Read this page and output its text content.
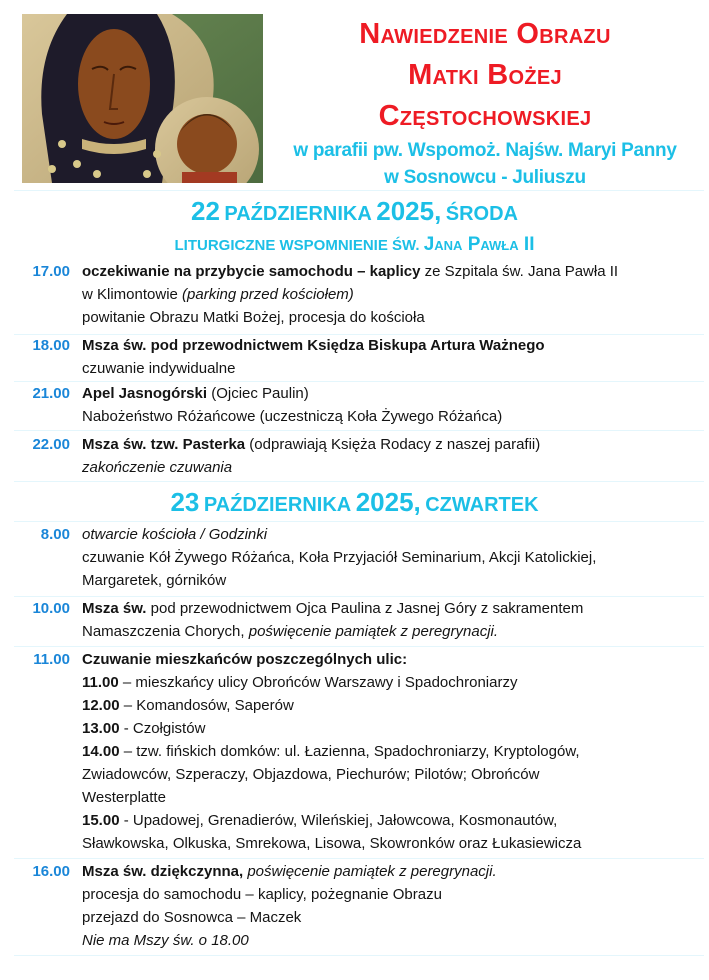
Nawiedzenie Obrazu
Matki Bożej
Częstochowskiej
w parafii pw. Wspomoż. Najśw. Maryi Panny
w Sosnowcu - Juliuszu
22 PAŹDZIERNIKA 2025, ŚRODA
LITURGICZNE WSPOMNIENIE ŚW. Jana Pawła II
17.00 oczekiwanie na przybycie samochodu – kaplicy ze Szpitala św. Jana Pawła II
w Klimontowie (parking przed kościołem)
powitanie Obrazu Matki Bożej, procesja do kościoła
18.00 Msza św. pod przewodnictwem Księdza Biskupa Artura Ważnego
czuwanie indywidualne
21.00 Apel Jasnogórski (Ojciec Paulin)
Nabożeństwo Różańcowe (uczestniczą Koła Żywego Różańca)
22.00 Msza św. tzw. Pasterka (odprawiają Księża Rodacy z naszej parafii)
zakończenie czuwania
23 PAŹDZIERNIKA 2025, CZWARTEK
8.00 otwarcie kościoła / Godzinki
czuwanie Kół Żywego Różańca, Koła Przyjaciół Seminarium, Akcji Katolickiej,
Margaretek, górników
10.00 Msza św. pod przewodnictwem Ojca Paulina z Jasnej Góry z sakramentem
Namaszczenia Chorych, poświęcenie pamiątek z peregrynacji.
11.00 Czuwanie mieszkańców poszczególnych ulic:
11.00 – mieszkańcy ulicy Obrońców Warszawy i Spadochroniarzy
12.00 – Komandosów, Saperów
13.00 - Czołgistów
14.00 – tzw. fińskich domków: ul. Łazienna, Spadochroniarzy, Kryptologów,
Zwiadowców, Szperaczy, Objazdowa, Piechurów; Pilotów; Obrońców
Westerplatte
15.00 - Upadowej, Grenadierów, Wileńskiej, Jałowcowa, Kosmonautów,
Sławkowska, Olkuska, Smrekowa, Lisowa, Skowronków oraz Łukasiewicza
16.00 Msza św. dziękczynna, poświęcenie pamiątek z peregrynacji.
procesja do samochodu – kaplicy, pożegnanie Obrazu
przejazd do Sosnowca – Maczek
Nie ma Mszy św. o 18.00
